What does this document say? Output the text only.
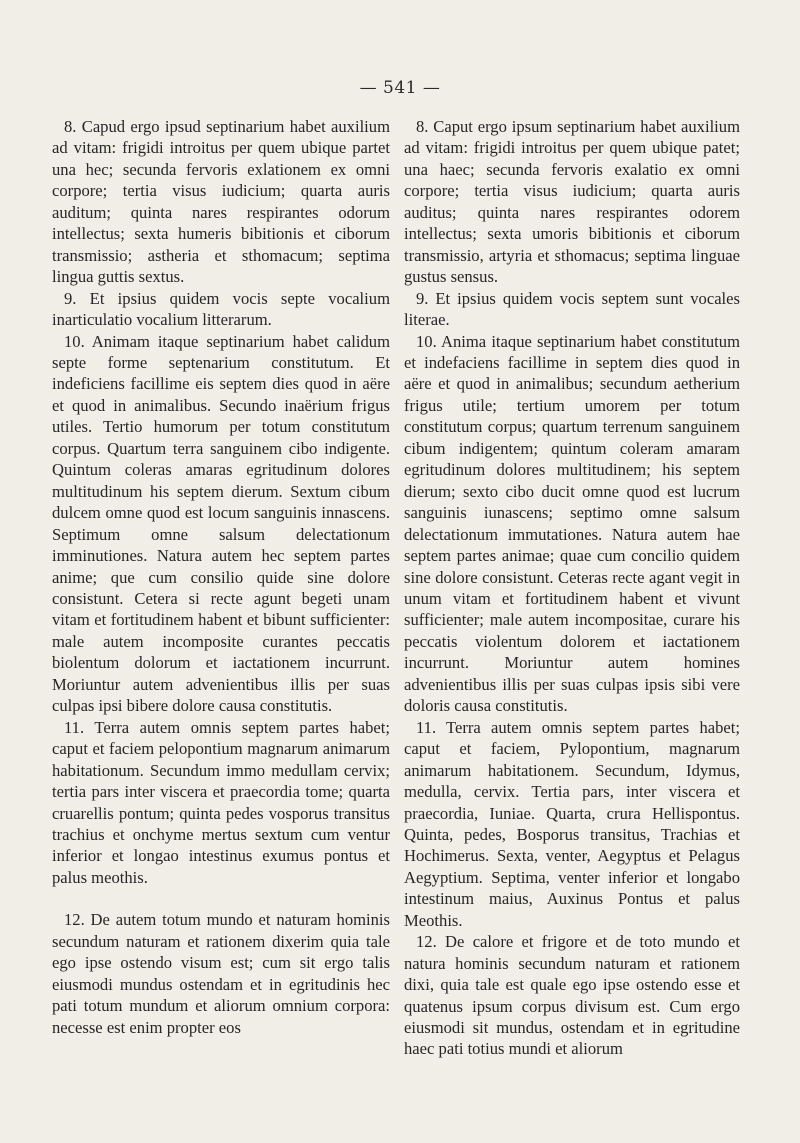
— 541 —

8. Capud ergo ipsud septinarium habet auxilium ad vitam: frigidi introitus per quem ubique partet una hec; secunda fervoris exlationem ex omni corpore; tertia visus iudicium; quarta auris auditum; quinta nares respirantes odorum intellectus; sexta humeris bibitionis et ciborum transmissio; astheria et sthomacum; septima lingua guttis sextus.

9. Et ipsius quidem vocis septe vocalium inarticulatio vocalium litterarum.

10. Animam itaque septinarium habet calidum septe forme septenarium constitutum. Et indeficiens facillime eis septem dies quod in aëre et quod in animalibus. Secundo inaërium frigus utiles. Tertio humorum per totum constitutum corpus. Quartum terra sanguinem cibo indigente. Quintum coleras amaras egritudinum dolores multitudinum his septem dierum. Sextum cibum dulcem omne quod est locum sanguinis innascens. Septimum omne salsum delectationum imminutiones. Natura autem hec septem partes anime; que cum consilio quide sine dolore consistunt. Cetera si recte agunt begeti unam vitam et fortitudinem habent et bibunt sufficienter: male autem incomposite curantes peccatis biolentum dolorum et iactationem incurrunt. Moriuntur autem advenientibus illis per suas culpas ipsi bibere dolore causa constitutis.

11. Terra autem omnis septem partes habet; caput et faciem pelopontium magnarum animarum habitationum. Secundum immo medullam cervix; tertia pars inter viscera et praecordia tome; quarta cruarellis pontum; quinta pedes vosporus transitus trachius et onchyme mertus sextum cum ventur inferior et longao intestinus exumus pontus et palus meothis.

12. De autem totum mundo et naturam hominis secundum naturam et rationem dixerim quia tale ego ipse ostendo visum est; cum sit ergo talis eiusmodi mundus ostendam et in egritudinis hec pati totum mundum et aliorum omnium corpora: necesse est enim propter eos

8. Caput ergo ipsum septinarium habet auxilium ad vitam: frigidi introitus per quem ubique patet; una haec; secunda fervoris exalatio ex omni corpore; tertia visus iudicium; quarta auris auditus; quinta nares respirantes odorem intellectus; sexta umoris bibitionis et ciborum transmissio, artyria et sthomacus; septima linguae gustus sensus.

9. Et ipsius quidem vocis septem sunt vocales literae.

10. Anima itaque septinarium habet constitutum et indefaciens facillime in septem dies quod in aëre et quod in animalibus; secundum aetherium frigus utile; tertium umorem per totum constitutum corpus; quartum terrenum sanguinem cibum indigentem; quintum coleram amaram egritudinum dolores multitudinem; his septem dierum; sexto cibo ducit omne quod est lucrum sanguinis iunascens; septimo omne salsum delectationum immutationes. Natura autem hae septem partes animae; quae cum concilio quidem sine dolore consistunt. Ceteras recte agant vegit in unum vitam et fortitudinem habent et vivunt sufficienter; male autem incompositae, curare his peccatis violentum dolorem et iactationem incurrunt. Moriuntur autem homines advenientibus illis per suas culpas ipsis sibi vere doloris causa constitutis.

11. Terra autem omnis septem partes habet; caput et faciem, Pylopontium, magnarum animarum habitationem. Secundum, Idymus, medulla, cervix. Tertia pars, inter viscera et praecordia, Iuniae. Quarta, crura Hellispontus. Quinta, pedes, Bosporus transitus, Trachias et Hochimerus. Sexta, venter, Aegyptus et Pelagus Aegyptium. Septima, venter inferior et longabo intestinum maius, Auxinus Pontus et palus Meothis.

12. De calore et frigore et de toto mundo et natura hominis secundum naturam et rationem dixi, quia tale est quale ego ipse ostendo esse et quatenus ipsum corpus divisum est. Cum ergo eiusmodi sit mundus, ostendam et in egritudine haec pati totius mundi et aliorum
